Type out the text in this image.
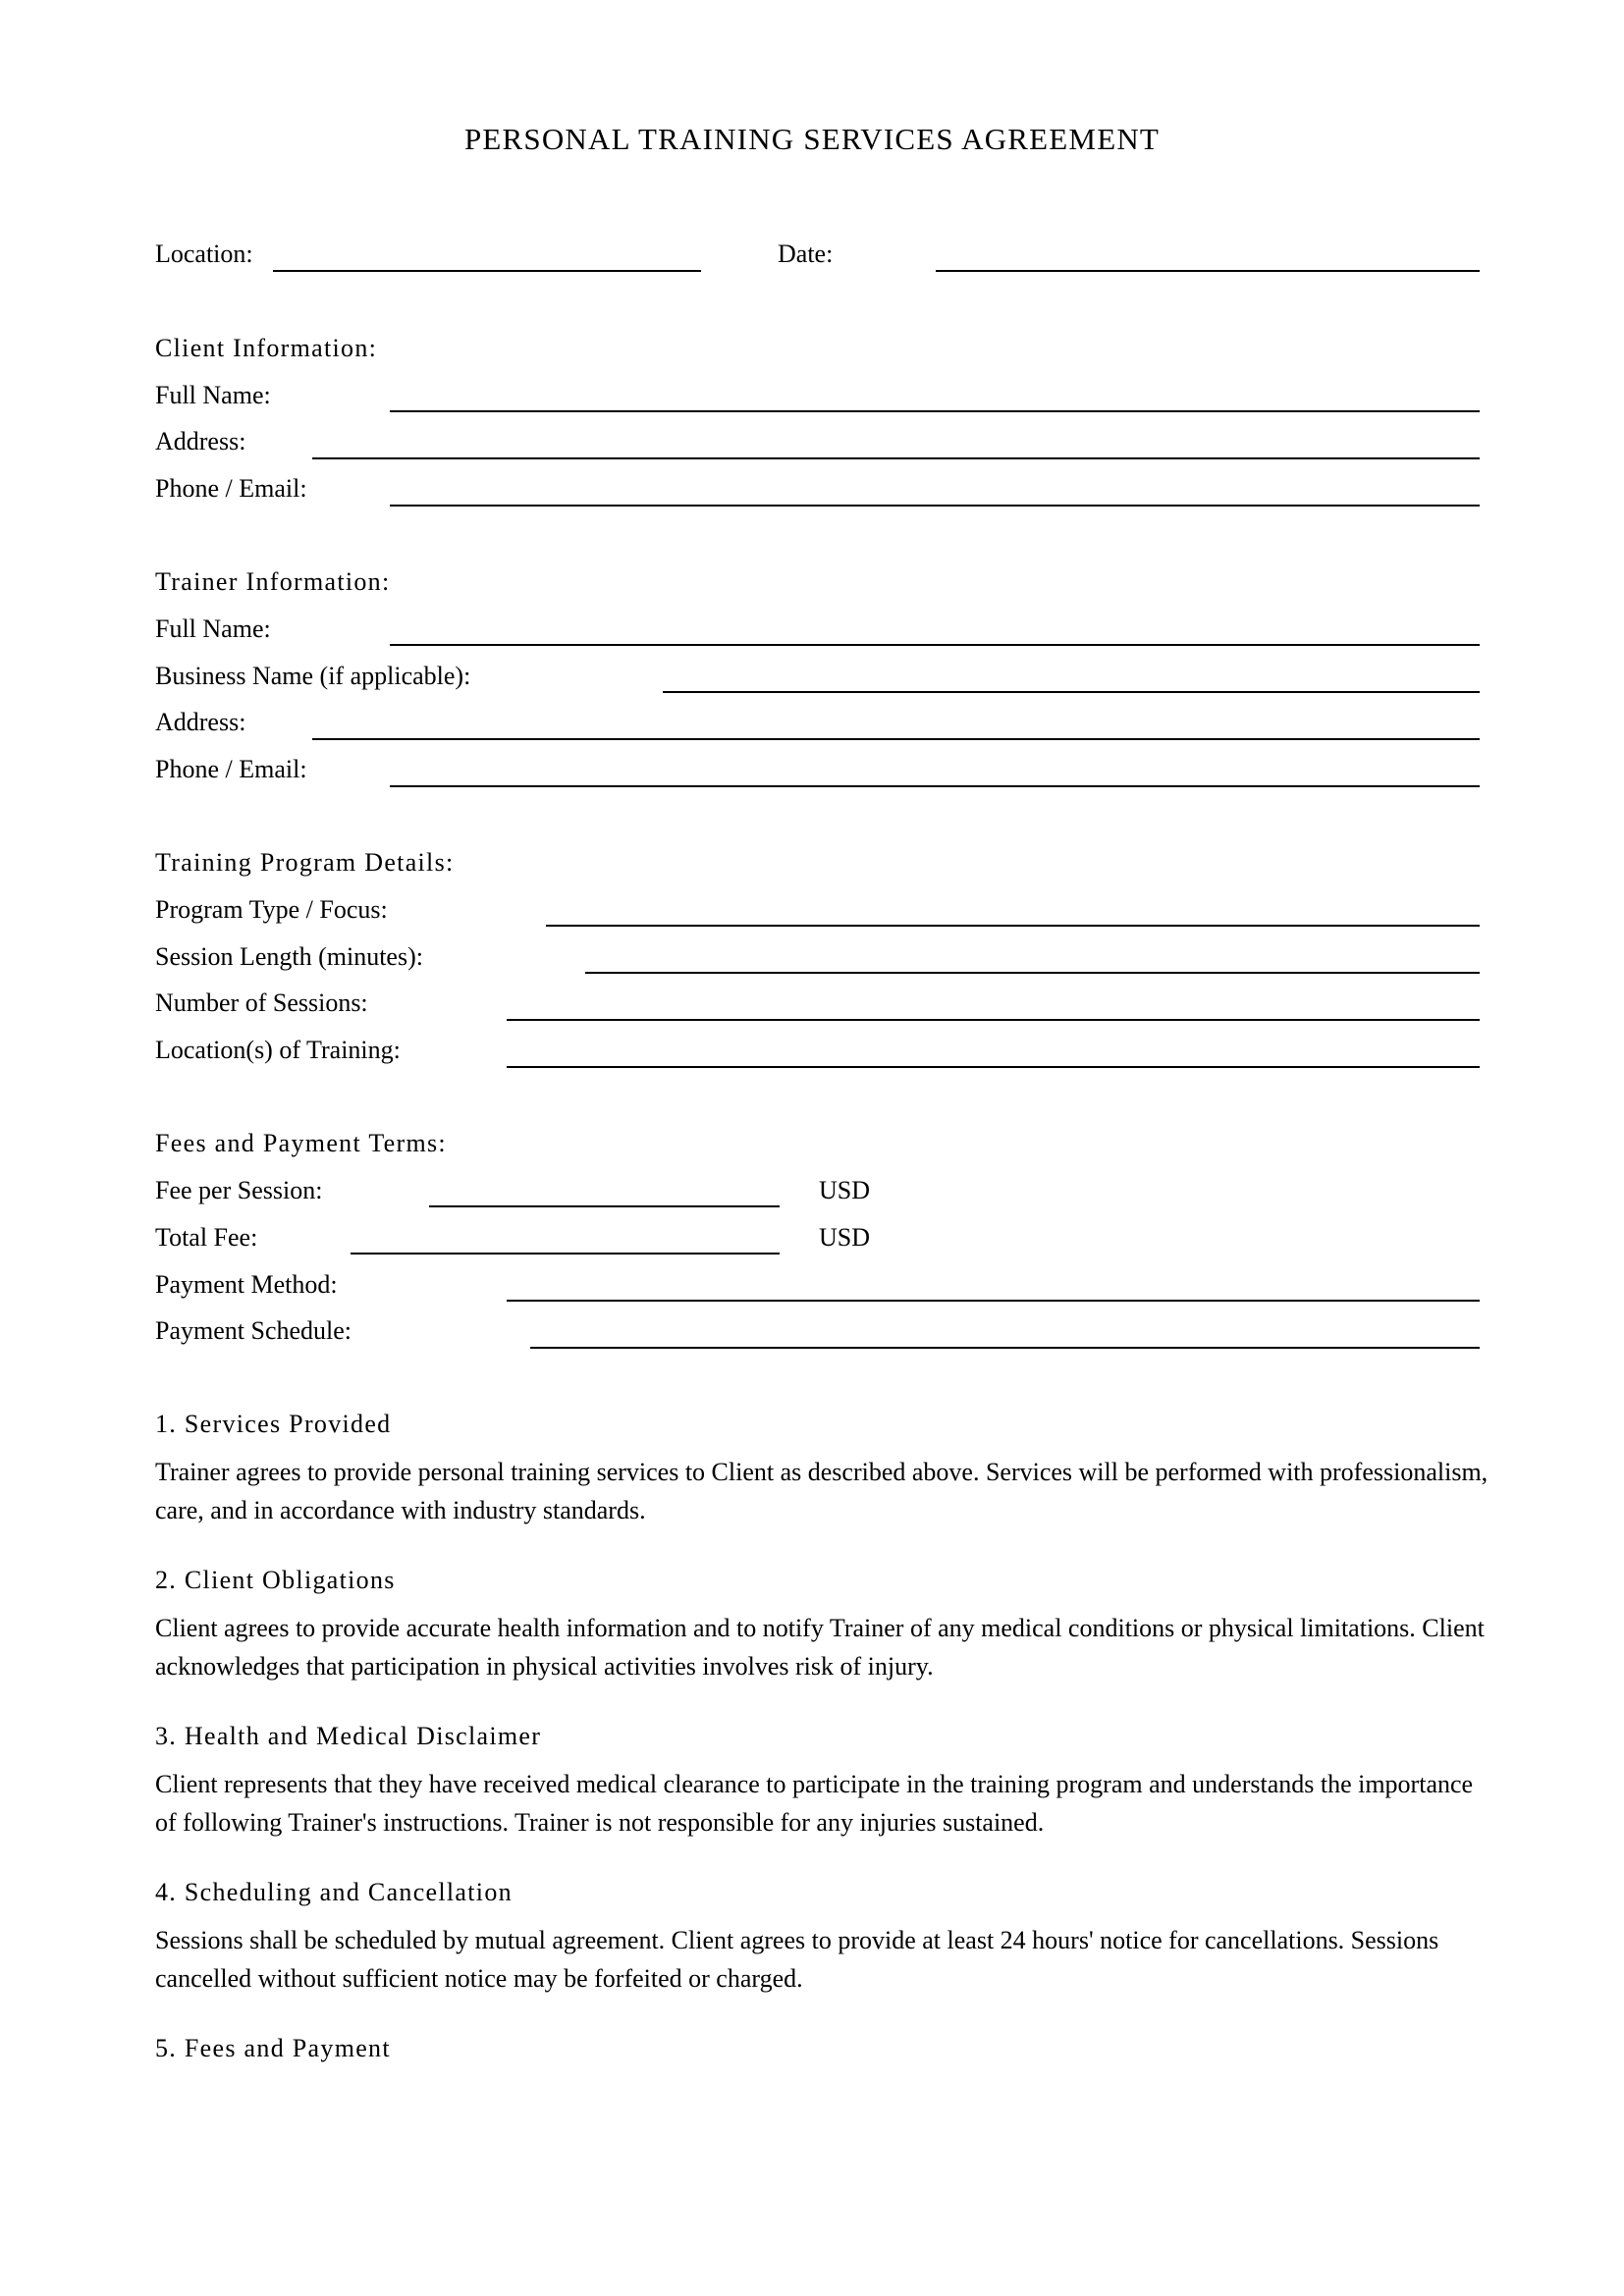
PERSONAL TRAINING SERVICES AGREEMENT
Location:	Date:
Client Information:
Full Name:
Address:
Phone / Email:
Trainer Information:
Full Name:
Business Name (if applicable):
Address:
Phone / Email:
Training Program Details:
Program Type / Focus:
Session Length (minutes):
Number of Sessions:
Location(s) of Training:
Fees and Payment Terms:
Fee per Session:	USD
Total Fee:	USD
Payment Method:
Payment Schedule:
1. Services Provided
Trainer agrees to provide personal training services to Client as described above. Services will be performed with professionalism, care, and in accordance with industry standards.
2. Client Obligations
Client agrees to provide accurate health information and to notify Trainer of any medical conditions or physical limitations. Client acknowledges that participation in physical activities involves risk of injury.
3. Health and Medical Disclaimer
Client represents that they have received medical clearance to participate in the training program and understands the importance of following Trainer's instructions. Trainer is not responsible for any injuries sustained.
4. Scheduling and Cancellation
Sessions shall be scheduled by mutual agreement. Client agrees to provide at least 24 hours' notice for cancellations. Sessions cancelled without sufficient notice may be forfeited or charged.
5. Fees and Payment
